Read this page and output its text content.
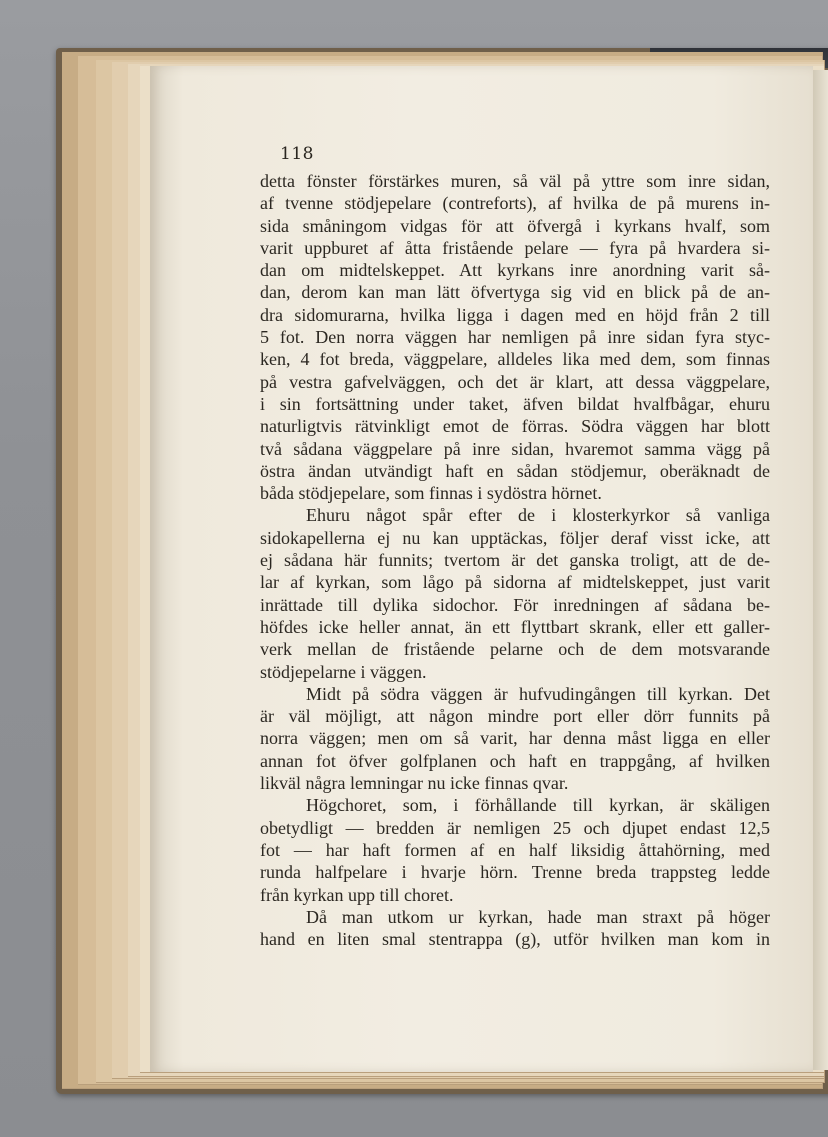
118
detta fönster förstärkes muren, så väl på yttre som inre sidan,
af tvenne stödjepelare (contreforts), af hvilka de på murens in-
sida småningom vidgas för att öfvergå i kyrkans hvalf, som
varit uppburet af åtta fristående pelare — fyra på hvardera si-
dan om midtelskeppet. Att kyrkans inre anordning varit så-
dan, derom kan man lätt öfvertyga sig vid en blick på de an-
dra sidomurarna, hvilka ligga i dagen med en höjd från 2 till
5 fot. Den norra väggen har nemligen på inre sidan fyra styc-
ken, 4 fot breda, väggpelare, alldeles lika med dem, som finnas
på vestra gafvelväggen, och det är klart, att dessa väggpelare,
i sin fortsättning under taket, äfven bildat hvalfbågar, ehuru
naturligtvis rätvinkligt emot de förras. Södra väggen har blott
två sådana väggpelare på inre sidan, hvaremot samma vägg på
östra ändan utvändigt haft en sådan stödjemur, oberäknadt de
båda stödjepelare, som finnas i sydöstra hörnet.
Ehuru något spår efter de i klosterkyrkor så vanliga
sidokapellerna ej nu kan upptäckas, följer deraf visst icke, att
ej sådana här funnits; tvertom är det ganska troligt, att de de-
lar af kyrkan, som lågo på sidorna af midtelskeppet, just varit
inrättade till dylika sidochor. För inredningen af sådana be-
höfdes icke heller annat, än ett flyttbart skrank, eller ett galler-
verk mellan de fristående pelarne och de dem motsvarande
stödjepelarne i väggen.
Midt på södra väggen är hufvudingången till kyrkan. Det
är väl möjligt, att någon mindre port eller dörr funnits på
norra väggen; men om så varit, har denna måst ligga en eller
annan fot öfver golfplanen och haft en trappgång, af hvilken
likväl några lemningar nu icke finnas qvar.
Högchoret, som, i förhållande till kyrkan, är skäligen
obetydligt — bredden är nemligen 25 och djupet endast 12,5
fot — har haft formen af en half liksidig åttahörning, med
runda halfpelare i hvarje hörn. Trenne breda trappsteg ledde
från kyrkan upp till choret.
Då man utkom ur kyrkan, hade man straxt på höger
hand en liten smal stentrappa (g), utför hvilken man kom in
